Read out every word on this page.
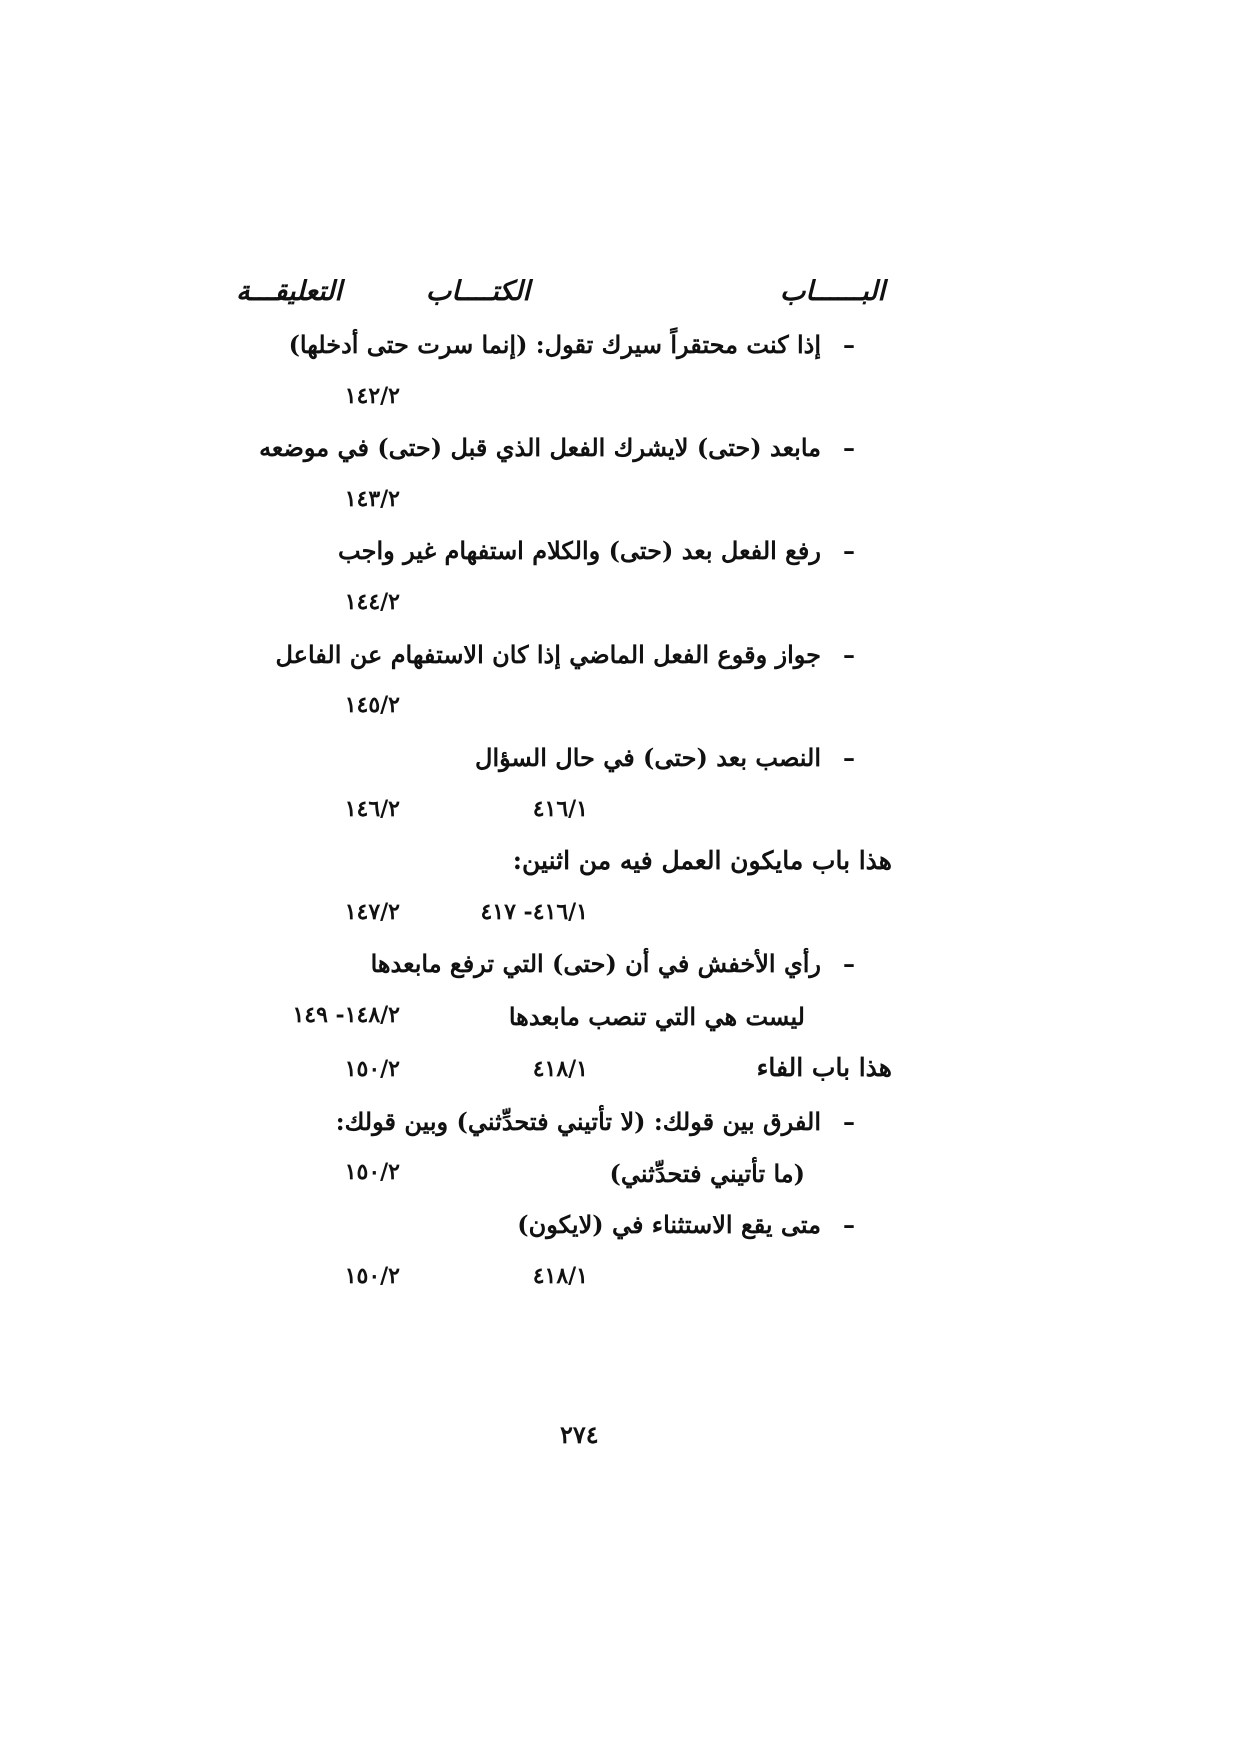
البــــــاب
الكتــــاب
التعليقـــة
–إذا كنت محتقراً سيرك تقول: (إنما سرت حتى أدخلها)
١٤٢/٢
–مابعد (حتى) لايشرك الفعل الذي قبل (حتى) في موضعه
١٤٣/٢
–رفع الفعل بعد (حتى) والكلام استفهام غير واجب
١٤٤/٢
–جواز وقوع الفعل الماضي إذا كان الاستفهام عن الفاعل
١٤٥/٢
–النصب بعد (حتى) في حال السؤال
٤١٦/١
١٤٦/٢
هذا باب مايكون العمل فيه من اثنين:
٤١٦/١- ٤١٧
١٤٧/٢
–رأي الأخفش في أن (حتى) التي ترفع مابعدها
ليست هي التي تنصب مابعدها
١٤٨/٢- ١٤٩
هذا باب الفاء
٤١٨/١
١٥٠/٢
–الفرق بين قولك: (لا تأتيني فتحدِّثني) وبين قولك:
(ما تأتيني فتحدِّثني)
١٥٠/٢
–متى يقع الاستثناء في (لايكون)
٤١٨/١
١٥٠/٢
٢٧٤
